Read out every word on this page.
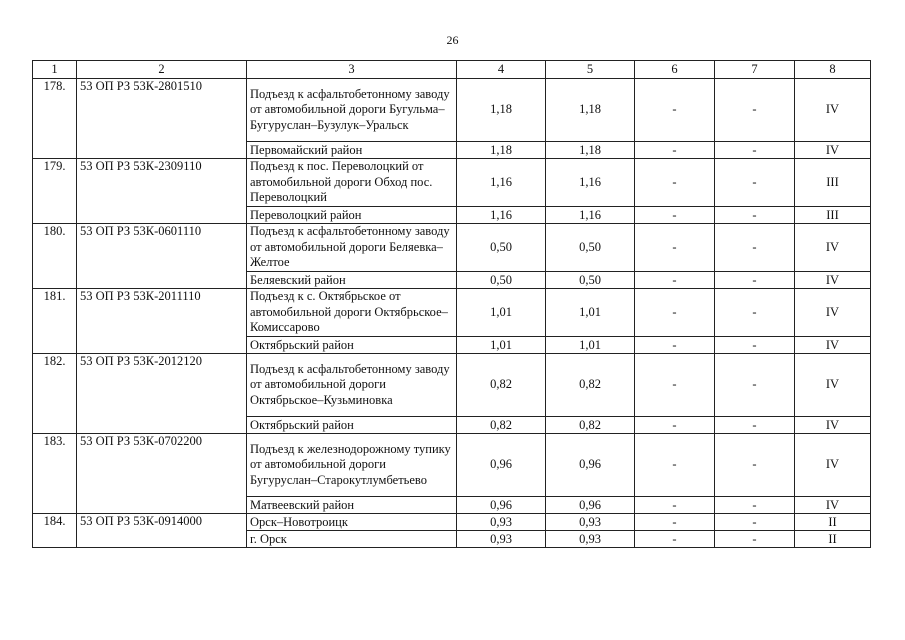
26
1	2	3	4	5	6	7	8
178.	53 ОП РЗ 53К-2801510	Подъезд к асфальтобетонному заводу от автомобильной дороги Бугульма–Бугуруслан–Бузулук–Уральск	1,18	1,18	-	-	IV
		Первомайский район	1,18	1,18	-	-	IV
179.	53 ОП РЗ 53К-2309110	Подъезд к пос. Переволоцкий от автомобильной дороги Обход пос. Переволоцкий	1,16	1,16	-	-	III
		Переволоцкий район	1,16	1,16	-	-	III
180.	53 ОП РЗ 53К-0601110	Подъезд к асфальтобетонному заводу от автомобильной дороги Беляевка–Желтое	0,50	0,50	-	-	IV
		Беляевский район	0,50	0,50	-	-	IV
181.	53 ОП РЗ 53К-2011110	Подъезд к с. Октябрьское от автомобильной дороги Октябрьское–Комиссарово	1,01	1,01	-	-	IV
		Октябрьский район	1,01	1,01	-	-	IV
182.	53 ОП РЗ 53К-2012120	Подъезд к асфальтобетонному заводу от автомобильной дороги Октябрьское–Кузьминовка	0,82	0,82	-	-	IV
		Октябрьский район	0,82	0,82	-	-	IV
183.	53 ОП РЗ 53К-0702200	Подъезд к железнодорожному тупику от автомобильной дороги Бугуруслан–Старокутлумбетьево	0,96	0,96	-	-	IV
		Матвеевский район	0,96	0,96	-	-	IV
184.	53 ОП РЗ 53К-0914000	Орск–Новотроицк	0,93	0,93	-	-	II
		г. Орск	0,93	0,93	-	-	II
